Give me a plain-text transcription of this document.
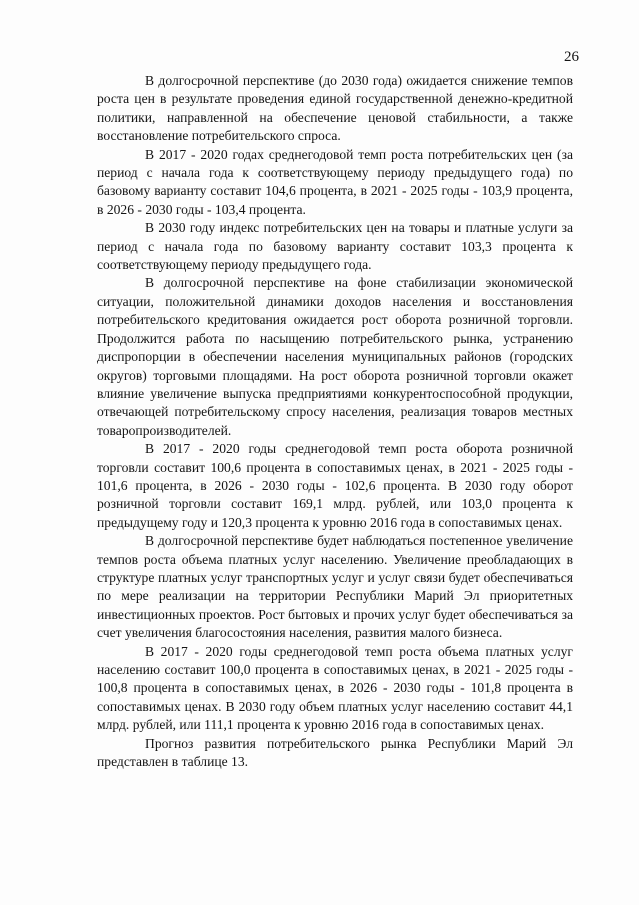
26

В долгосрочной перспективе (до 2030 года) ожидается снижение темпов роста цен в результате проведения единой государственной денежно-кредитной политики, направленной на обеспечение ценовой стабильности, а также восстановление потребительского спроса.

В 2017 - 2020 годах среднегодовой темп роста потребительских цен (за период с начала года к соответствующему периоду предыдущего года) по базовому варианту составит 104,6 процента, в 2021 - 2025 годы - 103,9 процента, в 2026 - 2030 годы - 103,4 процента.

В 2030 году индекс потребительских цен на товары и платные услуги за период с начала года по базовому варианту составит 103,3 процента к соответствующему периоду предыдущего года.

В долгосрочной перспективе на фоне стабилизации экономической ситуации, положительной динамики доходов населения и восстановления потребительского кредитования ожидается рост оборота розничной торговли. Продолжится работа по насыщению потребительского рынка, устранению диспропорции в обеспечении населения муниципальных районов (городских округов) торговыми площадями. На рост оборота розничной торговли окажет влияние увеличение выпуска предприятиями конкурентоспособной продукции, отвечающей потребительскому спросу населения, реализация товаров местных товаропроизводителей.

В 2017 - 2020 годы среднегодовой темп роста оборота розничной торговли составит 100,6 процента в сопоставимых ценах, в 2021 - 2025 годы - 101,6 процента, в 2026 - 2030 годы - 102,6 процента. В 2030 году оборот розничной торговли составит 169,1 млрд. рублей, или 103,0 процента к предыдущему году и 120,3 процента к уровню 2016 года в сопоставимых ценах.

В долгосрочной перспективе будет наблюдаться постепенное увеличение темпов роста объема платных услуг населению. Увеличение преобладающих в структуре платных услуг транспортных услуг и услуг связи будет обеспечиваться по мере реализации на территории Республики Марий Эл приоритетных инвестиционных проектов. Рост бытовых и прочих услуг будет обеспечиваться за счет увеличения благосостояния населения, развития малого бизнеса.

В 2017 - 2020 годы среднегодовой темп роста объема платных услуг населению составит 100,0 процента в сопоставимых ценах, в 2021 - 2025 годы - 100,8 процента в сопоставимых ценах, в 2026 - 2030 годы - 101,8 процента в сопоставимых ценах. В 2030 году объем платных услуг населению составит 44,1 млрд. рублей, или 111,1 процента к уровню 2016 года в сопоставимых ценах.

Прогноз развития потребительского рынка Республики Марий Эл представлен в таблице 13.
